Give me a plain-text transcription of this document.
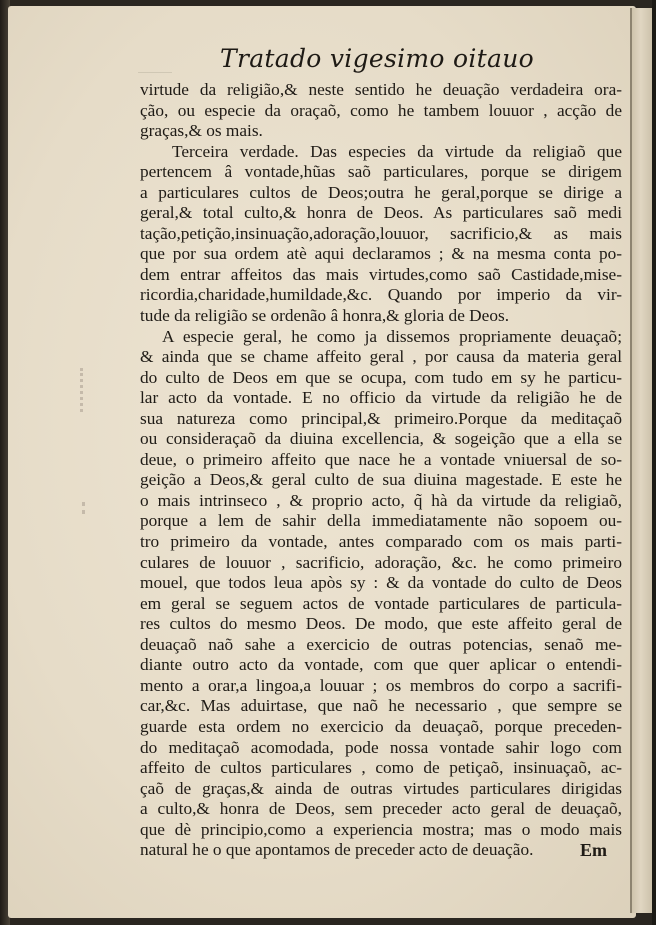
Tratado vigesimo oitauo
virtude da religião,& neste sentido he deuação verdadeira ora-
ção, ou especie da oraçaõ, como he tambem louuor , acção de
graças,& os mais.
Terceira verdade. Das especies da virtude da religiaõ que
pertencem â vontade,hũas saõ particulares, porque se dirigem
a particulares cultos de Deos;outra he geral,porque se dirige a
geral,& total culto,& honra de Deos. As particulares saõ medi
tação,petição,insinuação,adoração,louuor, sacrificio,& as mais
que por sua ordem atè aqui declaramos ; & na mesma conta po-
dem entrar affeitos das mais virtudes,como saõ Castidade,mise-
ricordia,charidade,humildade,&c. Quando por imperio da vir-
tude da religião se ordenão â honra,& gloria de Deos.
A especie geral, he como ja dissemos propriamente deuaçaõ;
& ainda que se chame affeito geral , por causa da materia geral
do culto de Deos em que se ocupa, com tudo em sy he particu-
lar acto da vontade. E no officio da virtude da religião he de
sua natureza como principal,& primeiro.Porque da meditaçaõ
ou consideraçaõ da diuina excellencia, & sogeição que a ella se
deue, o primeiro affeito que nace he a vontade vniuersal de so-
geição a Deos,& geral culto de sua diuina magestade. E este he
o mais intrinseco , & proprio acto, q̃ hà da virtude da religiaõ,
porque a lem de sahir della immediatamente não sopoem ou-
tro primeiro da vontade, antes comparado com os mais parti-
culares de louuor , sacrificio, adoração, &c. he como primeiro
mouel, que todos leua apòs sy : & da vontade do culto de Deos
em geral se seguem actos de vontade particulares de particula-
res cultos do mesmo Deos. De modo, que este affeito geral de
deuaçaõ naõ sahe a exercicio de outras potencias, senaõ me-
diante outro acto da vontade, com que quer aplicar o entendi-
mento a orar,a lingoa,a louuar ; os membros do corpo a sacrifi-
car,&c. Mas aduirtase, que naõ he necessario , que sempre se
guarde esta ordem no exercicio da deuaçaõ, porque preceden-
do meditaçaõ acomodada, pode nossa vontade sahir logo com
affeito de cultos particulares , como de petiçaõ, insinuaçaõ, ac-
çaõ de graças,& ainda de outras virtudes particulares dirigidas
a culto,& honra de Deos, sem preceder acto geral de deuaçaõ,
que dè principio,como a experiencia mostra; mas o modo mais
natural he o que apontamos de preceder acto de deuação.	Em
